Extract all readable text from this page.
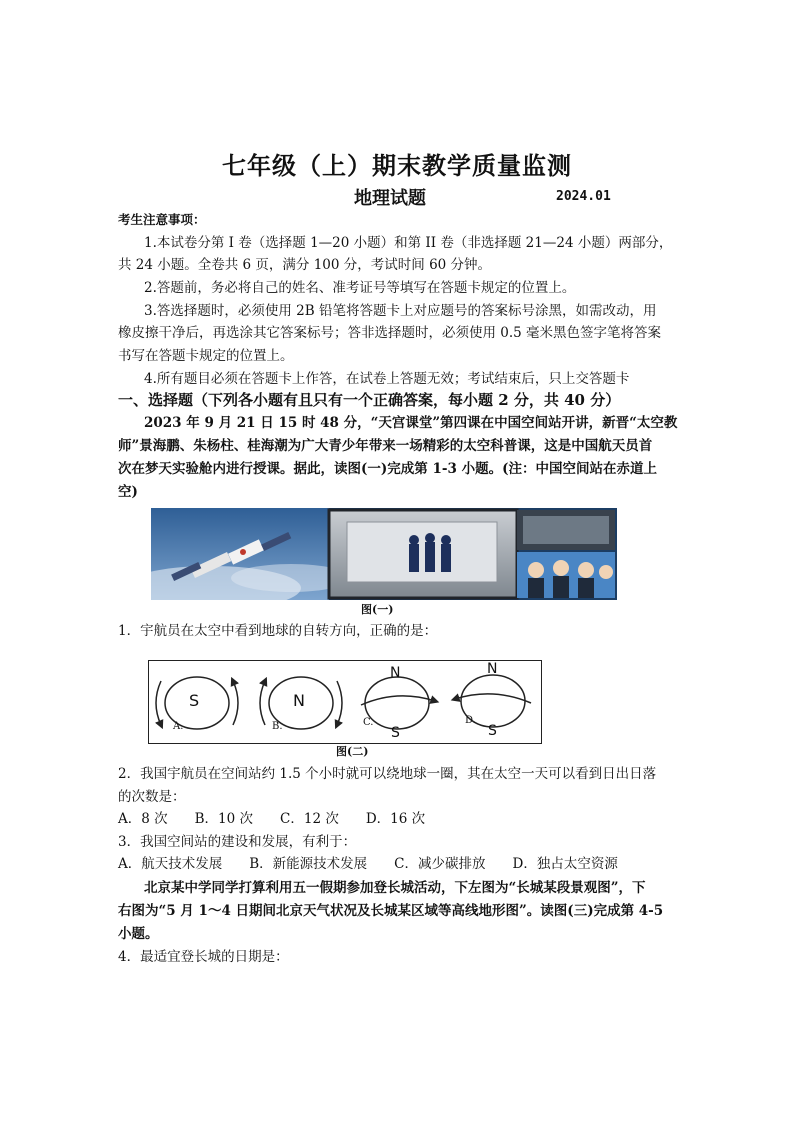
七年级（上）期末教学质量监测
地理试题	2024.01
考生注意事项：
1.本试卷分第 I 卷（选择题 1—20 小题）和第 II 卷（非选择题 21—24 小题）两部分，
共 24 小题。全卷共 6 页，满分 100 分，考试时间 60 分钟。
2.答题前，务必将自己的姓名、准考证号等填写在答题卡规定的位置上。
3.答选择题时，必须使用 2B 铅笔将答题卡上对应题号的答案标号涂黑，如需改动，用
橡皮擦干净后，再选涂其它答案标号；答非选择题时，必须使用 0.5 毫米黑色签字笔将答案
书写在答题卡规定的位置上。
4.所有题目必须在答题卡上作答，在试卷上答题无效；考试结束后，只上交答题卡
一、选择题（下列各小题有且只有一个正确答案，每小题 2 分，共 40 分）
2023 年 9 月 21 日 15 时 48 分，“天宫课堂”第四课在中国空间站开讲，新晋“太空教
师”景海鹏、朱杨柱、桂海潮为广大青少年带来一场精彩的太空科普课，这是中国航天员首
次在梦天实验舱内进行授课。据此，读图(一)完成第 1-3 小题。(注：中国空间站在赤道上
空)
图(一)
1．宇航员在太空中看到地球的自转方向，正确的是：
S
A.
N
B.
N
S
C.
N
S
D.
图(二)
2．我国宇航员在空间站约 1.5 个小时就可以绕地球一圈，其在太空一天可以看到日出日落
的次数是：
A．8 次　　B．10 次　　C．12 次　　D．16 次
3．我国空间站的建设和发展，有利于：
A．航天技术发展　　B．新能源技术发展　　C．减少碳排放　　D．独占太空资源
北京某中学同学打算利用五一假期参加登长城活动，下左图为“长城某段景观图”，下
右图为“5 月 1～4 日期间北京天气状况及长城某区域等高线地形图”。读图(三)完成第 4-5
小题。
4．最适宜登长城的日期是：
